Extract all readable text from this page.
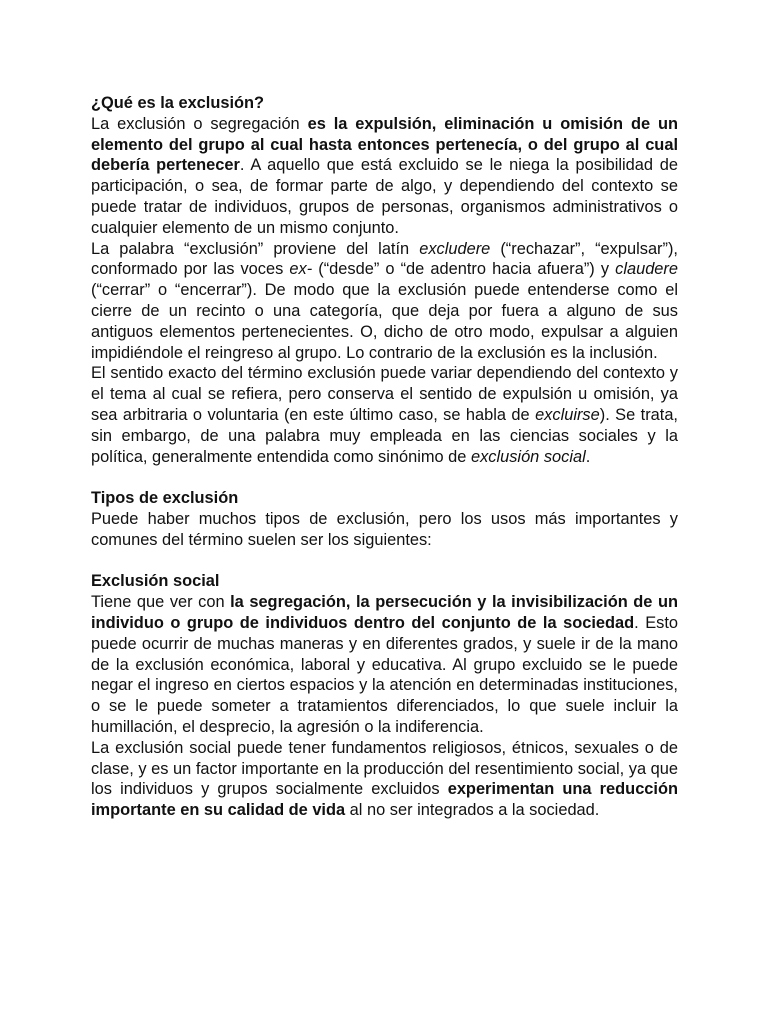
¿Qué es la exclusión?

La exclusión o segregación es la expulsión, eliminación u omisión de un elemento del grupo al cual hasta entonces pertenecía, o del grupo al cual debería pertenecer. A aquello que está excluido se le niega la posibilidad de participación, o sea, de formar parte de algo, y dependiendo del contexto se puede tratar de individuos, grupos de personas, organismos administrativos o cualquier elemento de un mismo conjunto.

La palabra “exclusión” proviene del latín excludere (“rechazar”, “expulsar”), conformado por las voces ex- (“desde” o “de adentro hacia afuera”) y claudere (“cerrar” o “encerrar”). De modo que la exclusión puede entenderse como el cierre de un recinto o una categoría, que deja por fuera a alguno de sus antiguos elementos pertenecientes. O, dicho de otro modo, expulsar a alguien impidiéndole el reingreso al grupo. Lo contrario de la exclusión es la inclusión.

El sentido exacto del término exclusión puede variar dependiendo del contexto y el tema al cual se refiera, pero conserva el sentido de expulsión u omisión, ya sea arbitraria o voluntaria (en este último caso, se habla de excluirse). Se trata, sin embargo, de una palabra muy empleada en las ciencias sociales y la política, generalmente entendida como sinónimo de exclusión social.

Tipos de exclusión

Puede haber muchos tipos de exclusión, pero los usos más importantes y comunes del término suelen ser los siguientes:

Exclusión social

Tiene que ver con la segregación, la persecución y la invisibilización de un individuo o grupo de individuos dentro del conjunto de la sociedad. Esto puede ocurrir de muchas maneras y en diferentes grados, y suele ir de la mano de la exclusión económica, laboral y educativa. Al grupo excluido se le puede negar el ingreso en ciertos espacios y la atención en determinadas instituciones, o se le puede someter a tratamientos diferenciados, lo que suele incluir la humillación, el desprecio, la agresión o la indiferencia.

La exclusión social puede tener fundamentos religiosos, étnicos, sexuales o de clase, y es un factor importante en la producción del resentimiento social, ya que los individuos y grupos socialmente excluidos experimentan una reducción importante en su calidad de vida al no ser integrados a la sociedad.
